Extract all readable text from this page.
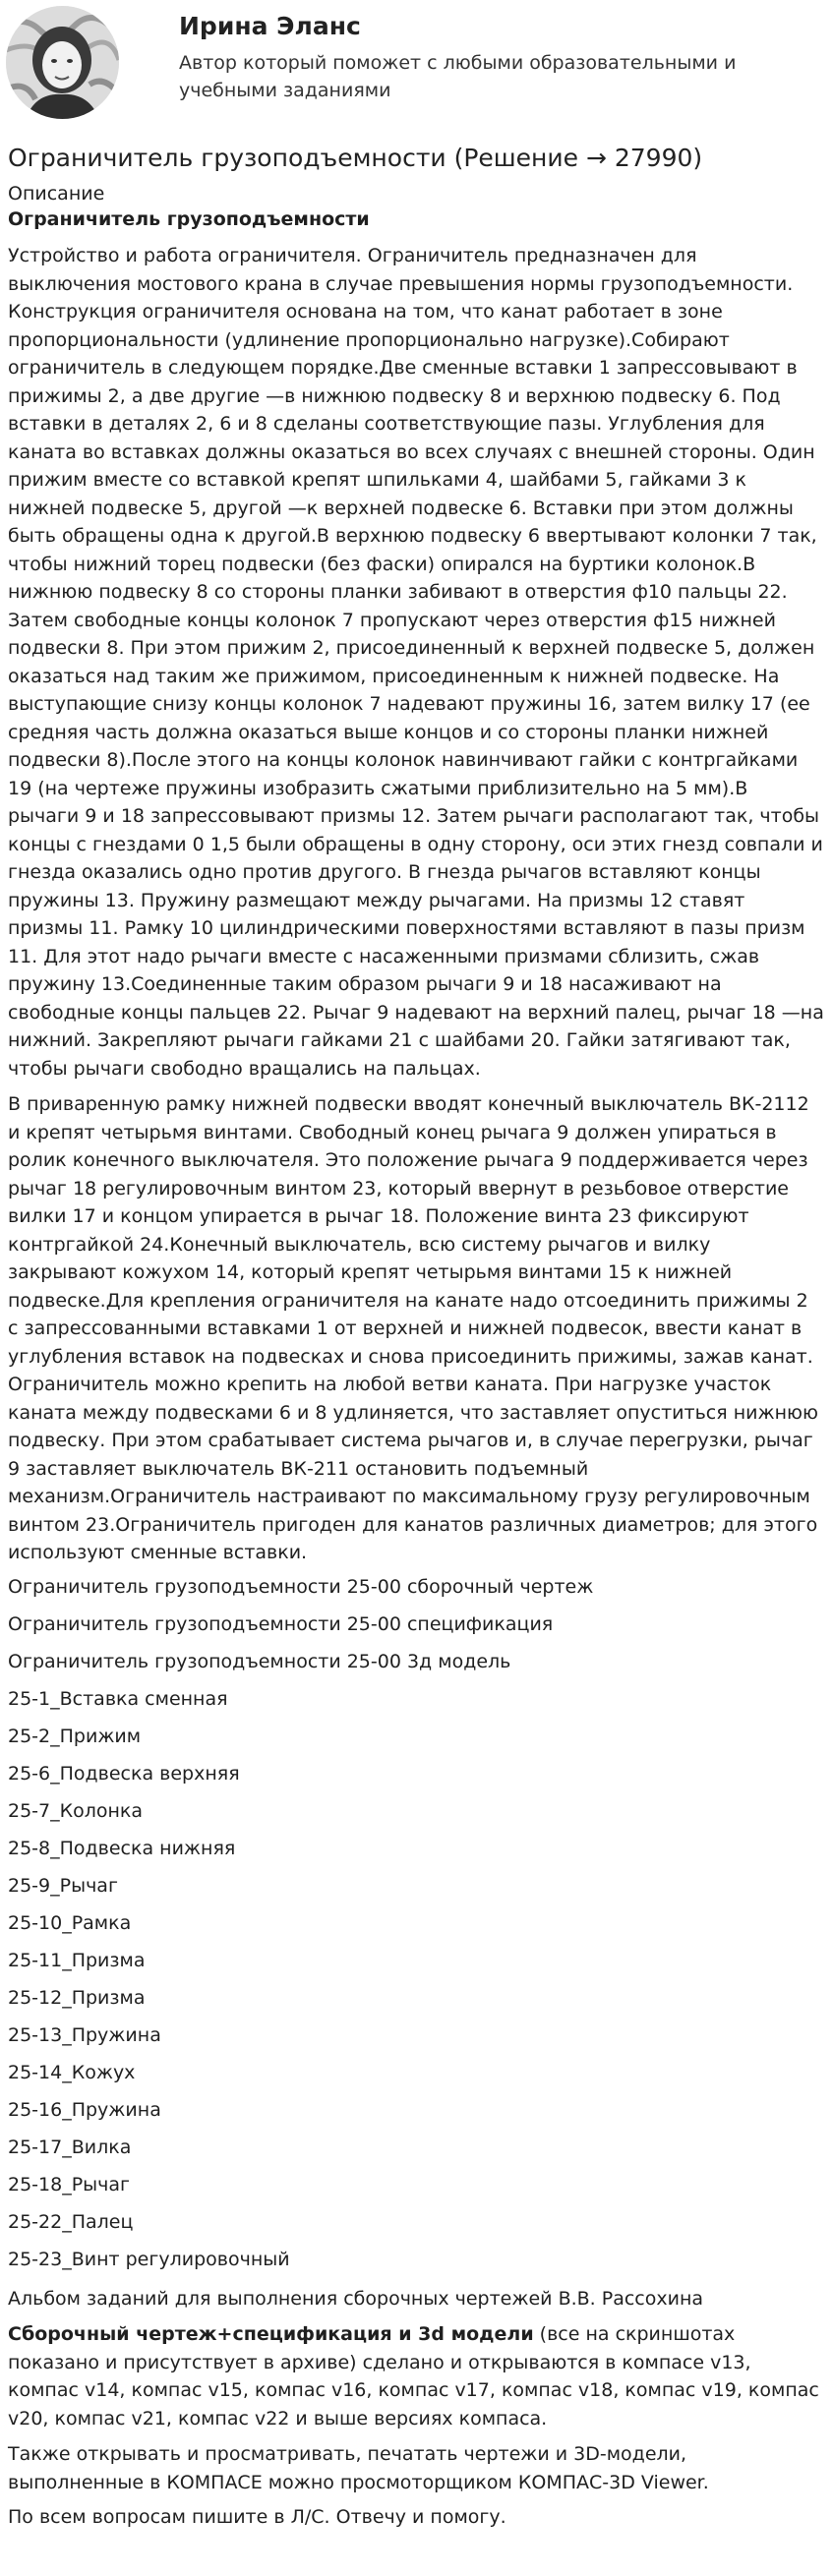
Ирина Эланс
Автор который поможет с любыми образовательными и учебными заданиями
Ограничитель грузоподъемности (Решение → 27990)

Описание

Ограничитель грузоподъемности

Устройство и работа ограничителя. Ограничитель предназначен для выключения мостового крана в случае превышения нормы грузоподъемности. Конструкция ограничителя основана на том, что канат работает в зоне пропорциональности (удлинение пропорционально нагрузке).Собирают ограничитель в следующем порядке.Две сменные вставки 1 запрессовывают в прижимы 2, а две другие —в нижнюю подвеску 8 и верхнюю подвеску 6. Под вставки в деталях 2, 6 и 8 сделаны соответствующие пазы. Углубления для каната во вставках должны оказаться во всех случаях с внешней стороны. Один прижим вместе со вставкой крепят шпильками 4, шайбами 5, гайками 3 к нижней подвеске 5, другой —к верхней подвеске 6. Вставки при этом должны быть обращены одна к другой.В верхнюю подвеску 6 ввертывают колонки 7 так, чтобы нижний торец подвески (без фаски) опирался на буртики колонок.В нижнюю подвеску 8 со стороны планки забивают в отверстия ф10 пальцы 22. Затем свободные концы колонок 7 пропускают через отверстия ф15 нижней подвески 8. При этом прижим 2, присоединенный к верхней подвеске 5, должен оказаться над таким же прижимом, присоединенным к нижней подвеске. На выступающие снизу концы колонок 7 надевают пружины 16, затем вилку 17 (ее средняя часть должна оказаться выше концов и со стороны планки нижней подвески 8).После этого на концы колонок навинчивают гайки с контргайками 19 (на чертеже пружины изобразить сжатыми приблизительно на 5 мм).В рычаги 9 и 18 запрессовывают призмы 12. Затем рычаги располагают так, чтобы концы с гнездами 0 1,5 были обращены в одну сторону, оси этих гнезд совпали и гнезда оказались одно против другого. В гнезда рычагов вставляют концы пружины 13. Пружину размещают между рычагами. На призмы 12 ставят призмы 11. Рамку 10 цилиндрическими поверхностями вставляют в пазы призм 11. Для этот надо рычаги вместе с насаженными призмами сблизить, сжав пружину 13.Соединенные таким образом рычаги 9 и 18 насаживают на свободные концы пальцев 22. Рычаг 9 надевают на верхний палец, рычаг 18 —на нижний. Закрепляют рычаги гайками 21 с шайбами 20. Гайки затягивают так, чтобы рычаги свободно вращались на пальцах.

В приваренную рамку нижней подвески вводят конечный выключатель ВК-2112 и крепят четырьмя винтами. Свободный конец рычага 9 должен упираться в ролик конечного выключателя. Это положение рычага 9 поддерживается через рычаг 18 регулировочным винтом 23, который ввернут в резьбовое отверстие вилки 17 и концом упирается в рычаг 18. Положение винта 23 фиксируют контргайкой 24.Конечный выключатель, всю систему рычагов и вилку закрывают кожухом 14, который крепят четырьмя винтами 15 к нижней подвеске.Для крепления ограничителя на канате надо отсоединить прижимы 2 с запрессованными вставками 1 от верхней и нижней подвесок, ввести канат в углубления вставок на подвесках и снова присоединить прижимы, зажав канат. Ограничитель можно крепить на любой ветви каната. При нагрузке участок каната между подвесками 6 и 8 удлиняется, что заставляет опуститься нижнюю подвеску. При этом срабатывает система рычагов и, в случае перегрузки, рычаг 9 заставляет выключатель ВК-211 остановить подъемный механизм.Ограничитель настраивают по максимальному грузу регулировочным винтом 23.Ограничитель пригоден для канатов различных диаметров; для этого используют сменные вставки.

Ограничитель грузоподъемности 25-00 сборочный чертеж
Ограничитель грузоподъемности 25-00 спецификация
Ограничитель грузоподъемности 25-00 3д модель
25-1_Вставка сменная
25-2_Прижим
25-6_Подвеска верхняя
25-7_Колонка
25-8_Подвеска нижняя
25-9_Рычаг
25-10_Рамка
25-11_Призма
25-12_Призма
25-13_Пружина
25-14_Кожух
25-16_Пружина
25-17_Вилка
25-18_Рычаг
25-22_Палец
25-23_Винт регулировочный

Альбом заданий для выполнения сборочных чертежей В.В. Рассохина

Сборочный чертеж+спецификация и 3d модели (все на скриншотах показано и присутствует в архиве) сделано и открываются в компасе v13, компас v14, компас v15, компас v16, компас v17, компас v18, компас v19, компас v20, компас v21, компас v22 и выше версиях компаса.

Также открывать и просматривать, печатать чертежи и 3D-модели, выполненные в КОМПАСЕ можно просмоторщиком КОМПАС-3D Viewer.

По всем вопросам пишите в Л/С. Отвечу и помогу.
